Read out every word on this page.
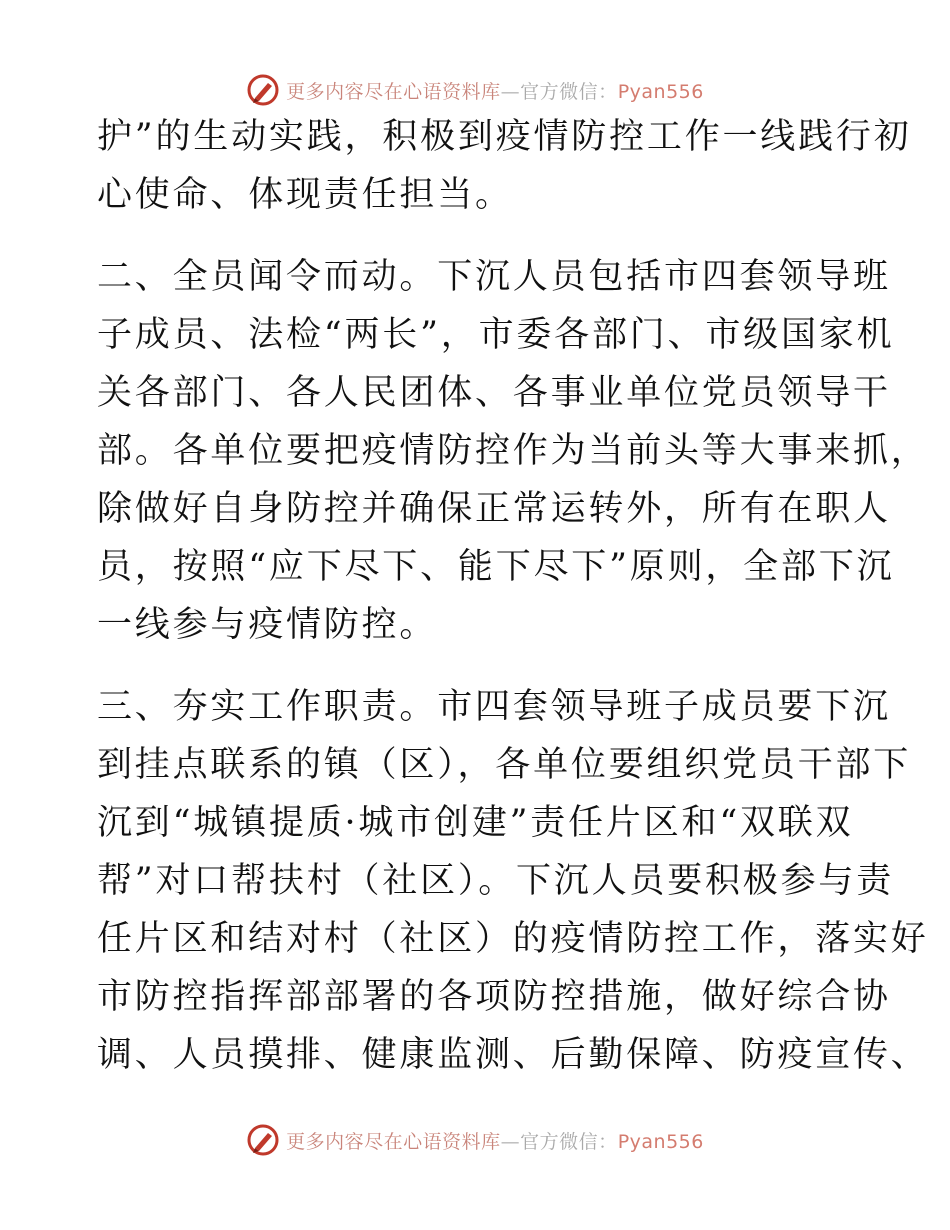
更多内容尽在心语资料库—官方微信：Pyan556
护”的生动实践，积极到疫情防控工作一线践行初
心使命、体现责任担当。
二、全员闻令而动。下沉人员包括市四套领导班
子成员、法检“两长”，市委各部门、市级国家机
关各部门、各人民团体、各事业单位党员领导干
部。各单位要把疫情防控作为当前头等大事来抓，
除做好自身防控并确保正常运转外，所有在职人
员，按照“应下尽下、能下尽下”原则，全部下沉
一线参与疫情防控。
三、夯实工作职责。市四套领导班子成员要下沉
到挂点联系的镇（区），各单位要组织党员干部下
沉到“城镇提质·城市创建”责任片区和“双联双
帮”对口帮扶村（社区）。下沉人员要积极参与责
任片区和结对村（社区）的疫情防控工作，落实好
市防控指挥部部署的各项防控措施，做好综合协
调、人员摸排、健康监测、后勤保障、防疫宣传、
更多内容尽在心语资料库—官方微信：Pyan556
